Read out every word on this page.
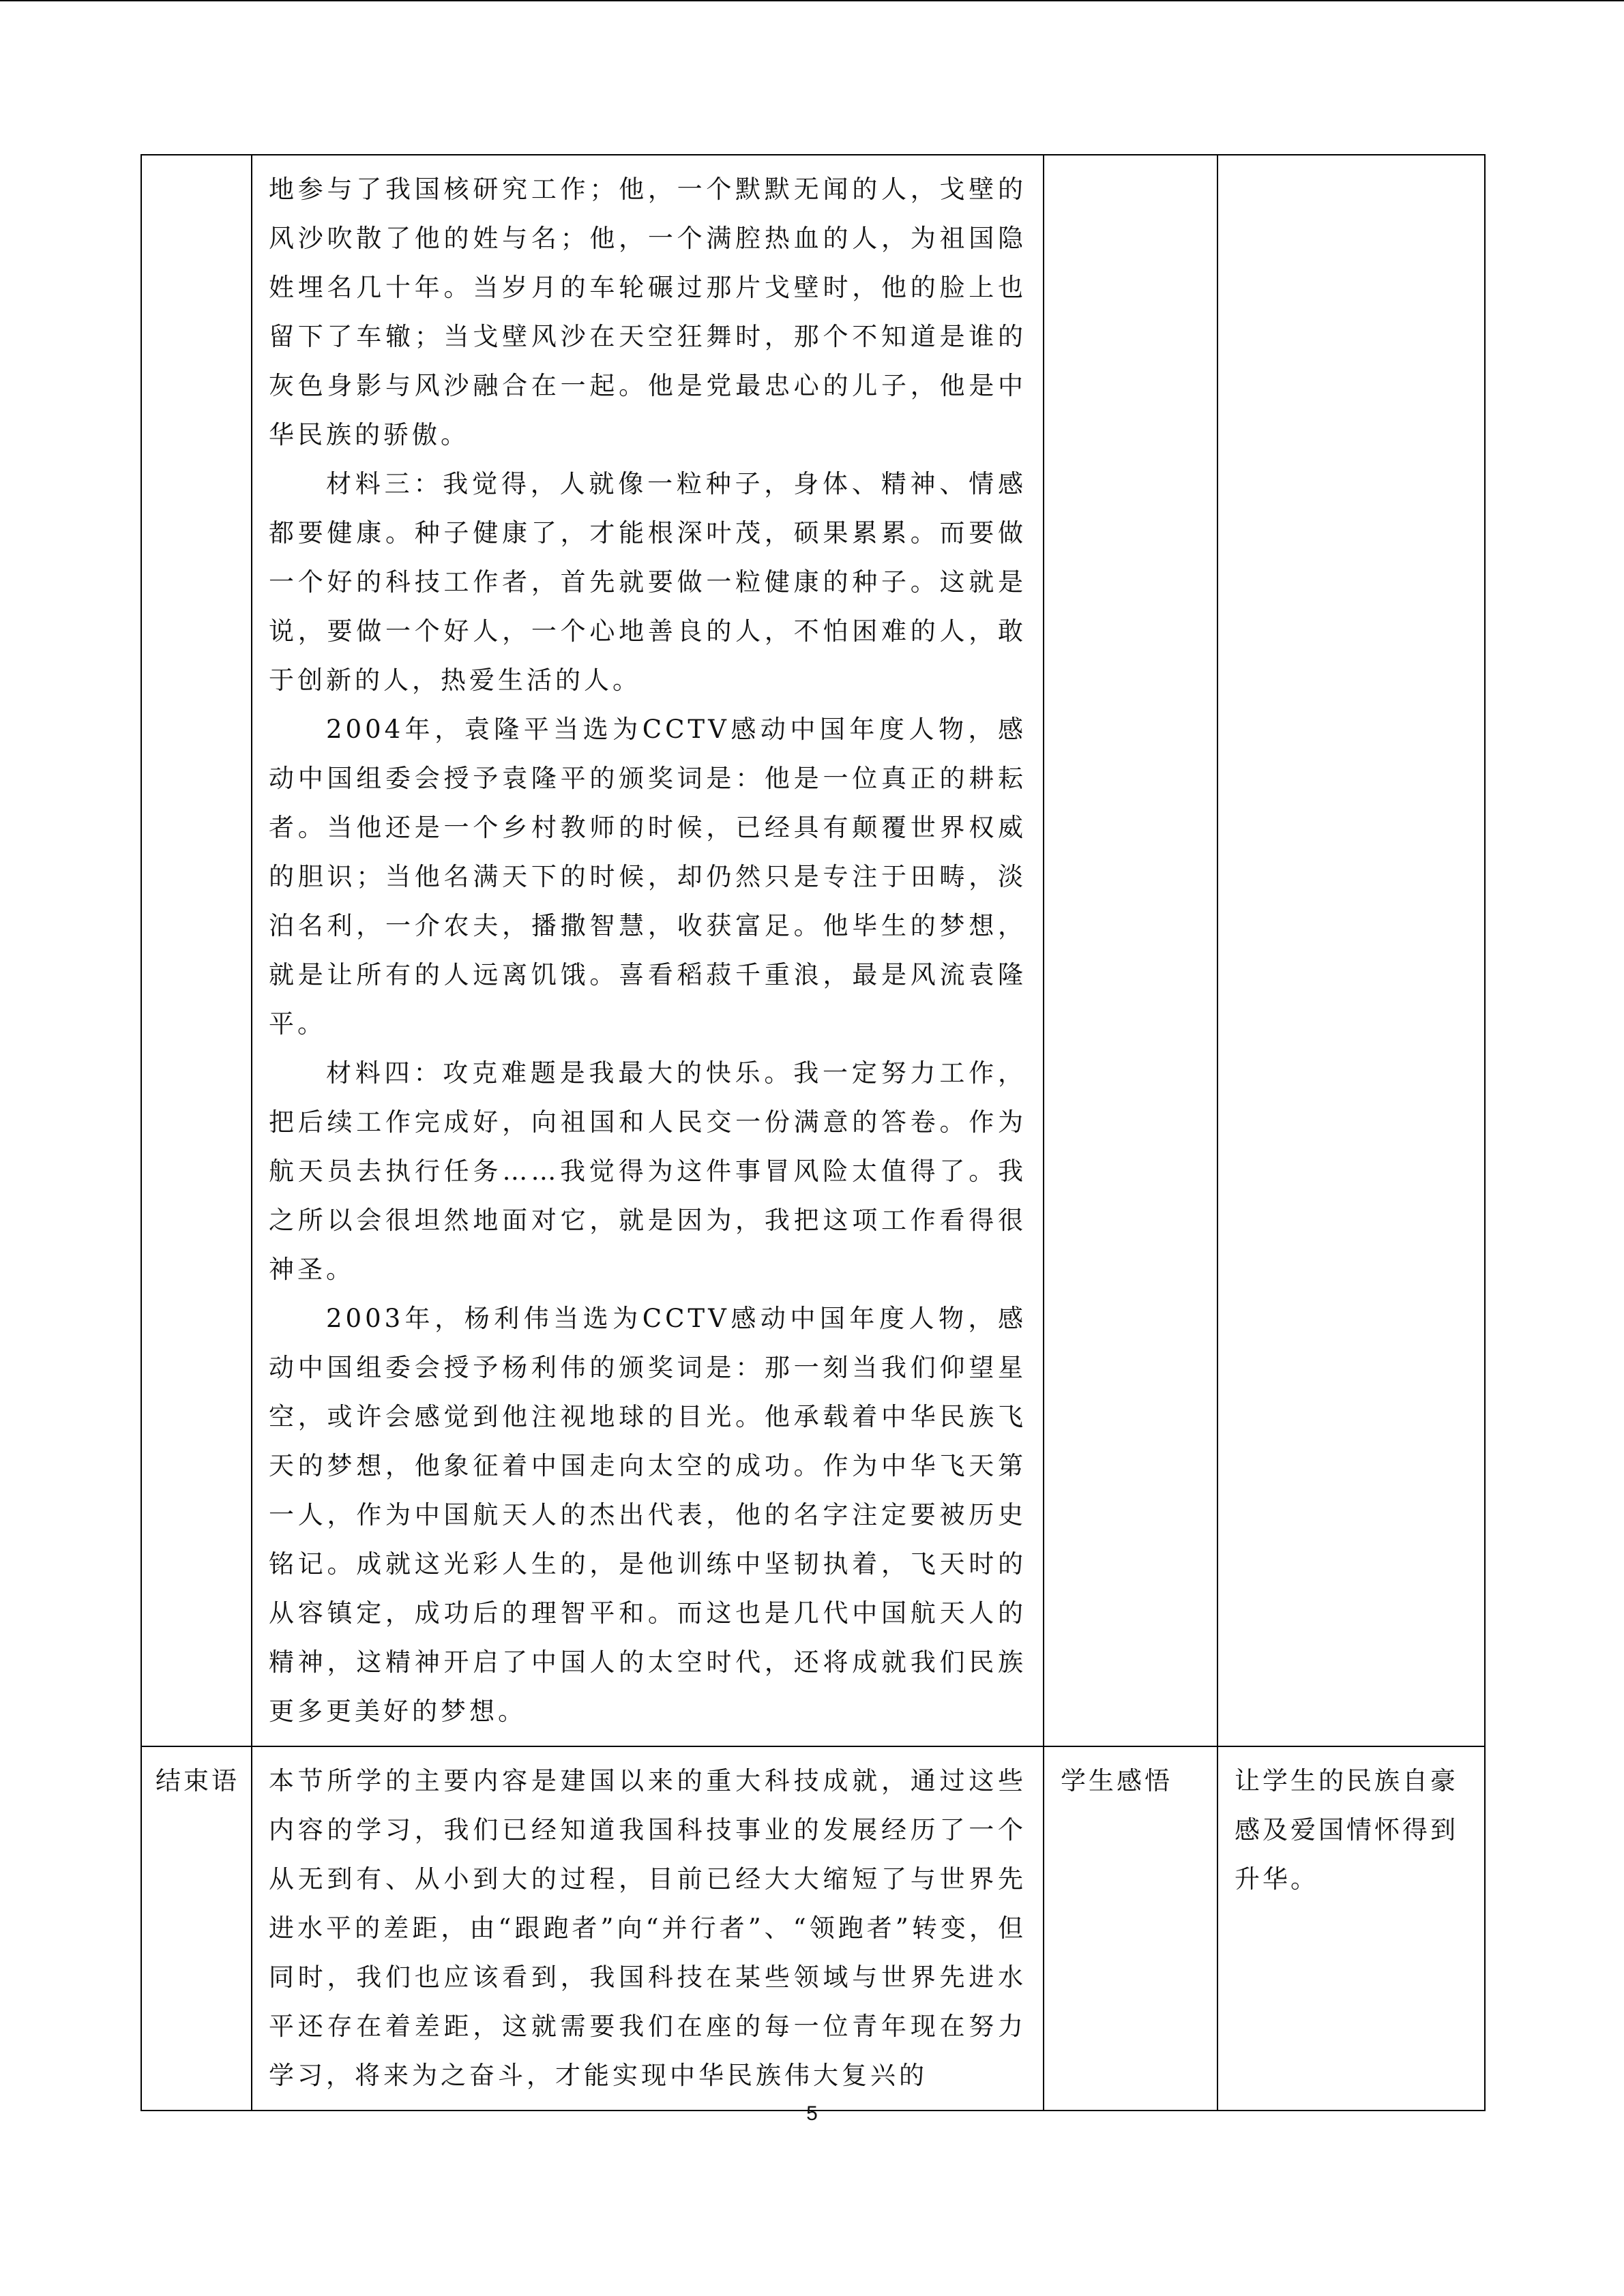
	地参与了我国核研究工作；他，一个默默无闻的人，戈壁的风沙吹散了他的姓与名；他，一个满腔热血的人，为祖国隐姓埋名几十年。当岁月的车轮碾过那片戈壁时，他的脸上也留下了车辙；当戈壁风沙在天空狂舞时，那个不知道是谁的灰色身影与风沙融合在一起。他是党最忠心的儿子，他是中华民族的骄傲。

材料三：我觉得，人就像一粒种子，身体、精神、情感都要健康。种子健康了，才能根深叶茂，硕果累累。而要做一个好的科技工作者，首先就要做一粒健康的种子。这就是说，要做一个好人，一个心地善良的人，不怕困难的人，敢于创新的人，热爱生活的人。

2004年，袁隆平当选为CCTV感动中国年度人物，感动中国组委会授予袁隆平的颁奖词是：他是一位真正的耕耘者。当他还是一个乡村教师的时候，已经具有颠覆世界权威的胆识；当他名满天下的时候，却仍然只是专注于田畴，淡泊名利，一介农夫，播撒智慧，收获富足。他毕生的梦想，就是让所有的人远离饥饿。喜看稻菽千重浪，最是风流袁隆平。

材料四：攻克难题是我最大的快乐。我一定努力工作，把后续工作完成好，向祖国和人民交一份满意的答卷。作为航天员去执行任务……我觉得为这件事冒风险太值得了。我之所以会很坦然地面对它，就是因为，我把这项工作看得很神圣。

2003年，杨利伟当选为CCTV感动中国年度人物，感动中国组委会授予杨利伟的颁奖词是：那一刻当我们仰望星空，或许会感觉到他注视地球的目光。他承载着中华民族飞天的梦想，他象征着中国走向太空的成功。作为中华飞天第一人，作为中国航天人的杰出代表，他的名字注定要被历史铭记。成就这光彩人生的，是他训练中坚韧执着，飞天时的从容镇定，成功后的理智平和。而这也是几代中国航天人的精神，这精神开启了中国人的太空时代，还将成就我们民族更多更美好的梦想。		

结束语	本节所学的主要内容是建国以来的重大科技成就，通过这些内容的学习，我们已经知道我国科技事业的发展经历了一个从无到有、从小到大的过程，目前已经大大缩短了与世界先进水平的差距，由“跟跑者”向“并行者”、“领跑者”转变，但同时，我们也应该看到，我国科技在某些领域与世界先进水平还存在着差距，这就需要我们在座的每一位青年现在努力学习，将来为之奋斗，才能实现中华民族伟大复兴的	学生感悟	让学生的民族自豪感及爱国情怀得到升华。

5
